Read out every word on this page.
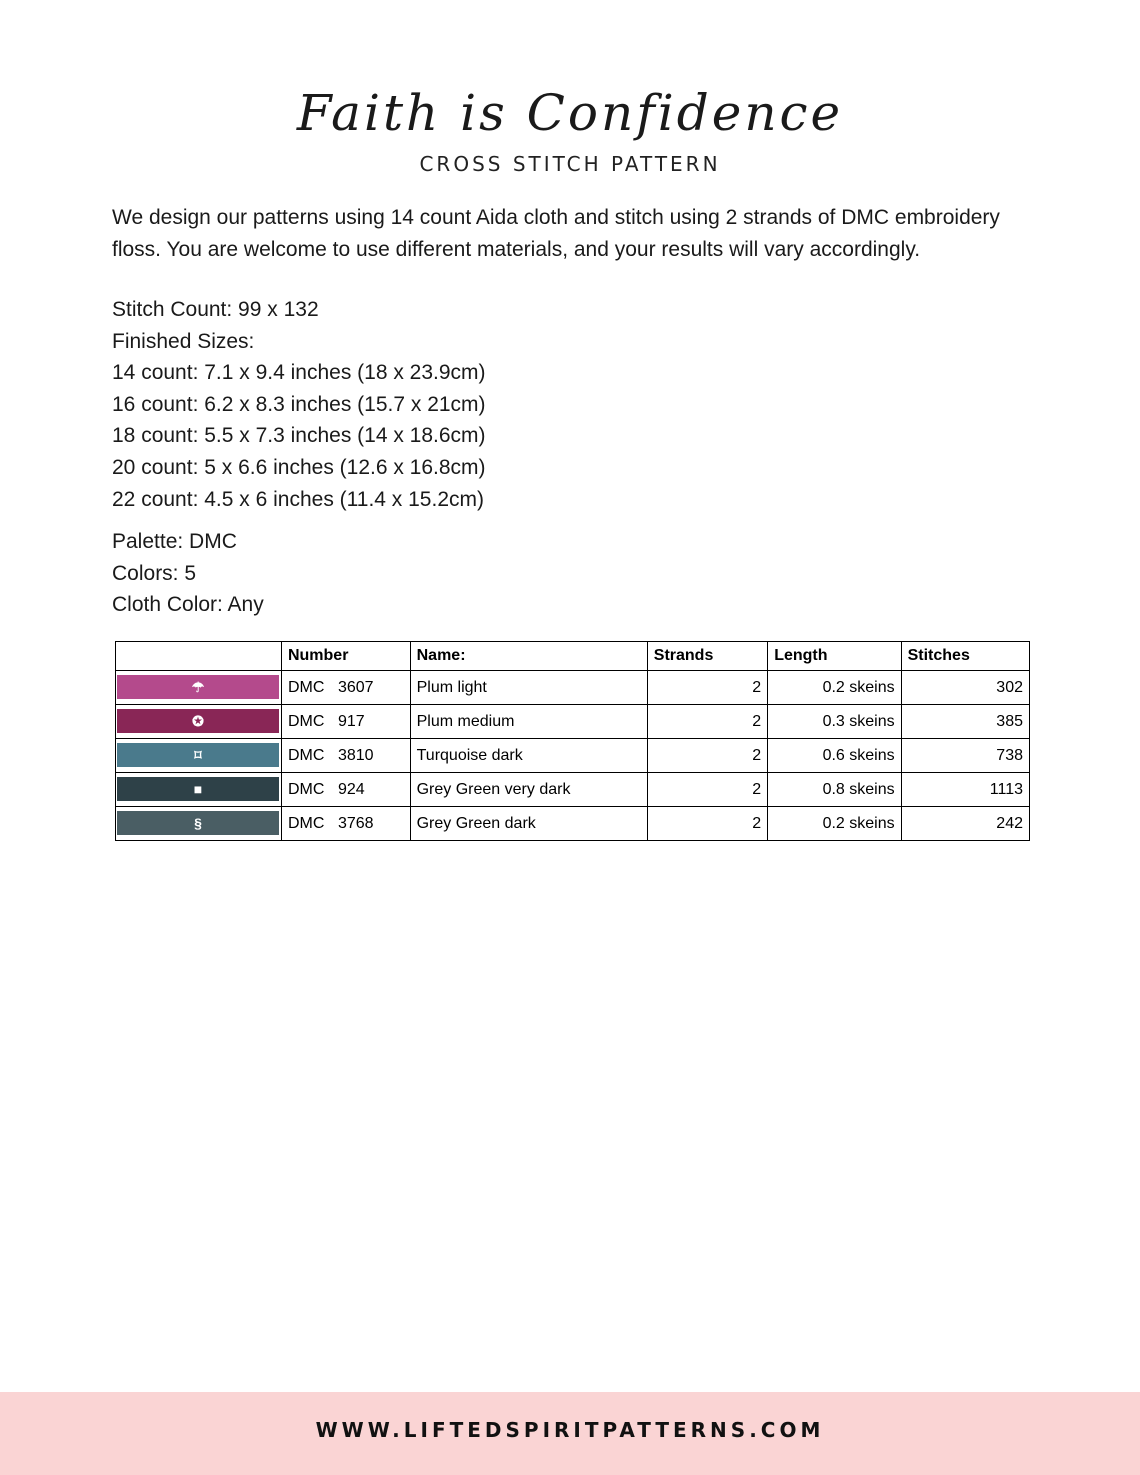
Faith is Confidence
CROSS STITCH PATTERN

We design our patterns using 14 count Aida cloth and stitch using 2 strands of DMC embroidery

floss. You are welcome to use different materials, and your results will vary accordingly.

Stitch Count: 99 x 132
Finished Sizes:
14 count: 7.1 x 9.4 inches (18 x 23.9cm)
16 count: 6.2 x 8.3 inches (15.7 x 21cm)
18 count: 5.5 x 7.3 inches (14 x 18.6cm)
20 count: 5 x 6.6 inches (12.6 x 16.8cm)
22 count: 4.5 x 6 inches (11.4 x 15.2cm)
Palette: DMC
Colors: 5
Cloth Color: Any
	Number	Name:	Strands	Length	Stitches

☂	DMC 3607	Plum light	2	0.2 skeins	302

✪	DMC 917	Plum medium	2	0.3 skeins	385

⌑	DMC 3810	Turquoise dark	2	0.6 skeins	738

■	DMC 924	Grey Green very dark	2	0.8 skeins	1113

§	DMC 3768	Grey Green dark	2	0.2 skeins	242
WWW.LIFTEDSPIRITPATTERNS.COM
